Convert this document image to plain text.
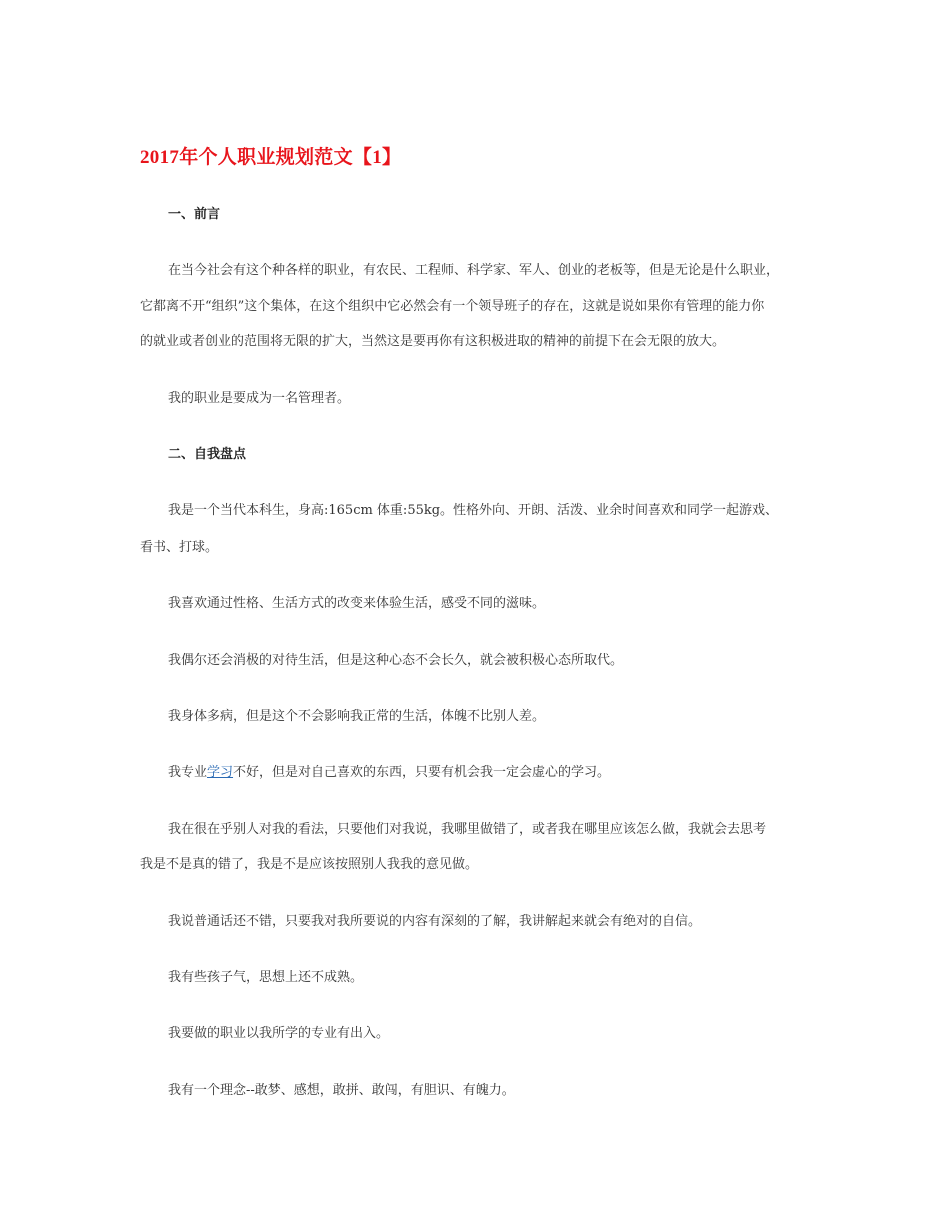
2017年个人职业规划范文【1】
一、前言
在当今社会有这个种各样的职业，有农民、工程师、科学家、军人、创业的老板等，但是无论是什么职业，
它都离不开“组织”这个集体，在这个组织中它必然会有一个领导班子的存在，这就是说如果你有管理的能力你
的就业或者创业的范围将无限的扩大，当然这是要再你有这积极进取的精神的前提下在会无限的放大。
我的职业是要成为一名管理者。
二、自我盘点
我是一个当代本科生，身高:165cm 体重:55kg。性格外向、开朗、活泼、业余时间喜欢和同学一起游戏、
看书、打球。
我喜欢通过性格、生活方式的改变来体验生活，感受不同的滋味。
我偶尔还会消极的对待生活，但是这种心态不会长久，就会被积极心态所取代。
我身体多病，但是这个不会影响我正常的生活，体魄不比别人差。
我专业学习不好，但是对自己喜欢的东西，只要有机会我一定会虚心的学习。
我在很在乎别人对我的看法，只要他们对我说，我哪里做错了，或者我在哪里应该怎么做，我就会去思考
我是不是真的错了，我是不是应该按照别人我我的意见做。
我说普通话还不错，只要我对我所要说的内容有深刻的了解，我讲解起来就会有绝对的自信。
我有些孩子气，思想上还不成熟。
我要做的职业以我所学的专业有出入。
我有一个理念--敢梦、感想，敢拼、敢闯，有胆识、有魄力。
